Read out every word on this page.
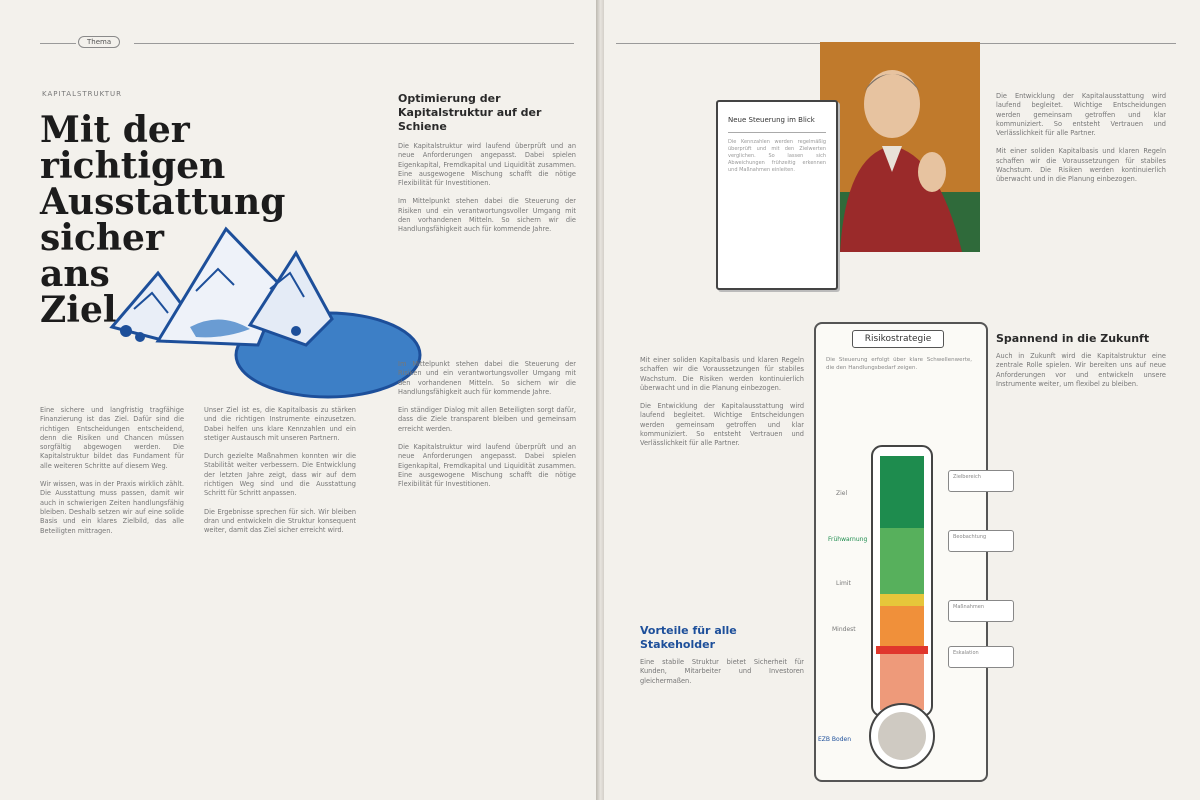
Thema
KAPITALSTRUKTUR
Mit der
richtigen
Ausstattung
sicher
ans
Ziel

Eine sichere und langfristig tragfähige Finanzierung ist das Ziel. Dafür sind die richtigen Entscheidungen entscheidend, denn die Risiken und Chancen müssen sorgfältig abgewogen werden. Die Kapitalstruktur bildet das Fundament für alle weiteren Schritte auf diesem Weg.

Wir wissen, was in der Praxis wirklich zählt. Die Ausstattung muss passen, damit wir auch in schwierigen Zeiten handlungsfähig bleiben. Deshalb setzen wir auf eine solide Basis und ein klares Zielbild, das alle Beteiligten mittragen.

Unser Ziel ist es, die Kapitalbasis zu stärken und die richtigen Instrumente einzusetzen. Dabei helfen uns klare Kennzahlen und ein stetiger Austausch mit unseren Partnern.

Durch gezielte Maßnahmen konnten wir die Stabilität weiter verbessern. Die Entwicklung der letzten Jahre zeigt, dass wir auf dem richtigen Weg sind und die Ausstattung Schritt für Schritt anpassen.

Die Ergebnisse sprechen für sich. Wir bleiben dran und entwickeln die Struktur konsequent weiter, damit das Ziel sicher erreicht wird.

Optimierung der Kapitalstruktur auf der Schiene

Die Kapitalstruktur wird laufend überprüft und an neue Anforderungen angepasst. Dabei spielen Eigenkapital, Fremdkapital und Liquidität zusammen. Eine ausgewogene Mischung schafft die nötige Flexibilität für Investitionen.

Im Mittelpunkt stehen dabei die Steuerung der Risiken und ein verantwortungsvoller Umgang mit den vorhandenen Mitteln. So sichern wir die Handlungsfähigkeit auch für kommende Jahre.

Im Mittelpunkt stehen dabei die Steuerung der Risiken und ein verantwortungsvoller Umgang mit den vorhandenen Mitteln. So sichern wir die Handlungsfähigkeit auch für kommende Jahre.

Ein ständiger Dialog mit allen Beteiligten sorgt dafür, dass die Ziele transparent bleiben und gemeinsam erreicht werden.

Die Kapitalstruktur wird laufend überprüft und an neue Anforderungen angepasst. Dabei spielen Eigenkapital, Fremdkapital und Liquidität zusammen. Eine ausgewogene Mischung schafft die nötige Flexibilität für Investitionen.

Neue Steuerung im Blick
Die Kennzahlen werden regelmäßig überprüft und mit den Zielwerten verglichen. So lassen sich Abweichungen frühzeitig erkennen und Maßnahmen einleiten.

Die Entwicklung der Kapitalausstattung wird laufend begleitet. Wichtige Entscheidungen werden gemeinsam getroffen und klar kommuniziert. So entsteht Vertrauen und Verlässlichkeit für alle Partner.

Mit einer soliden Kapitalbasis und klaren Regeln schaffen wir die Voraussetzungen für stabiles Wachstum. Die Risiken werden kontinuierlich überwacht und in die Planung einbezogen.

Mit einer soliden Kapitalbasis und klaren Regeln schaffen wir die Voraussetzungen für stabiles Wachstum. Die Risiken werden kontinuierlich überwacht und in die Planung einbezogen.

Die Entwicklung der Kapitalausstattung wird laufend begleitet. Wichtige Entscheidungen werden gemeinsam getroffen und klar kommuniziert. So entsteht Vertrauen und Verlässlichkeit für alle Partner.

Vorteile für alle Stakeholder
Eine stabile Struktur bietet Sicherheit für Kunden, Mitarbeiter und Investoren gleichermaßen.
Spannend in die Zukunft
Auch in Zukunft wird die Kapitalstruktur eine zentrale Rolle spielen. Wir bereiten uns auf neue Anforderungen vor und entwickeln unsere Instrumente weiter, um flexibel zu bleiben.
Risikostrategie
Die Steuerung erfolgt über klare Schwellenwerte, die den Handlungsbedarf zeigen.
Ziel
Frühwarnung
Limit
Mindest
EZB Boden
Zielbereich
Beobachtung
Maßnahmen
Eskalation
